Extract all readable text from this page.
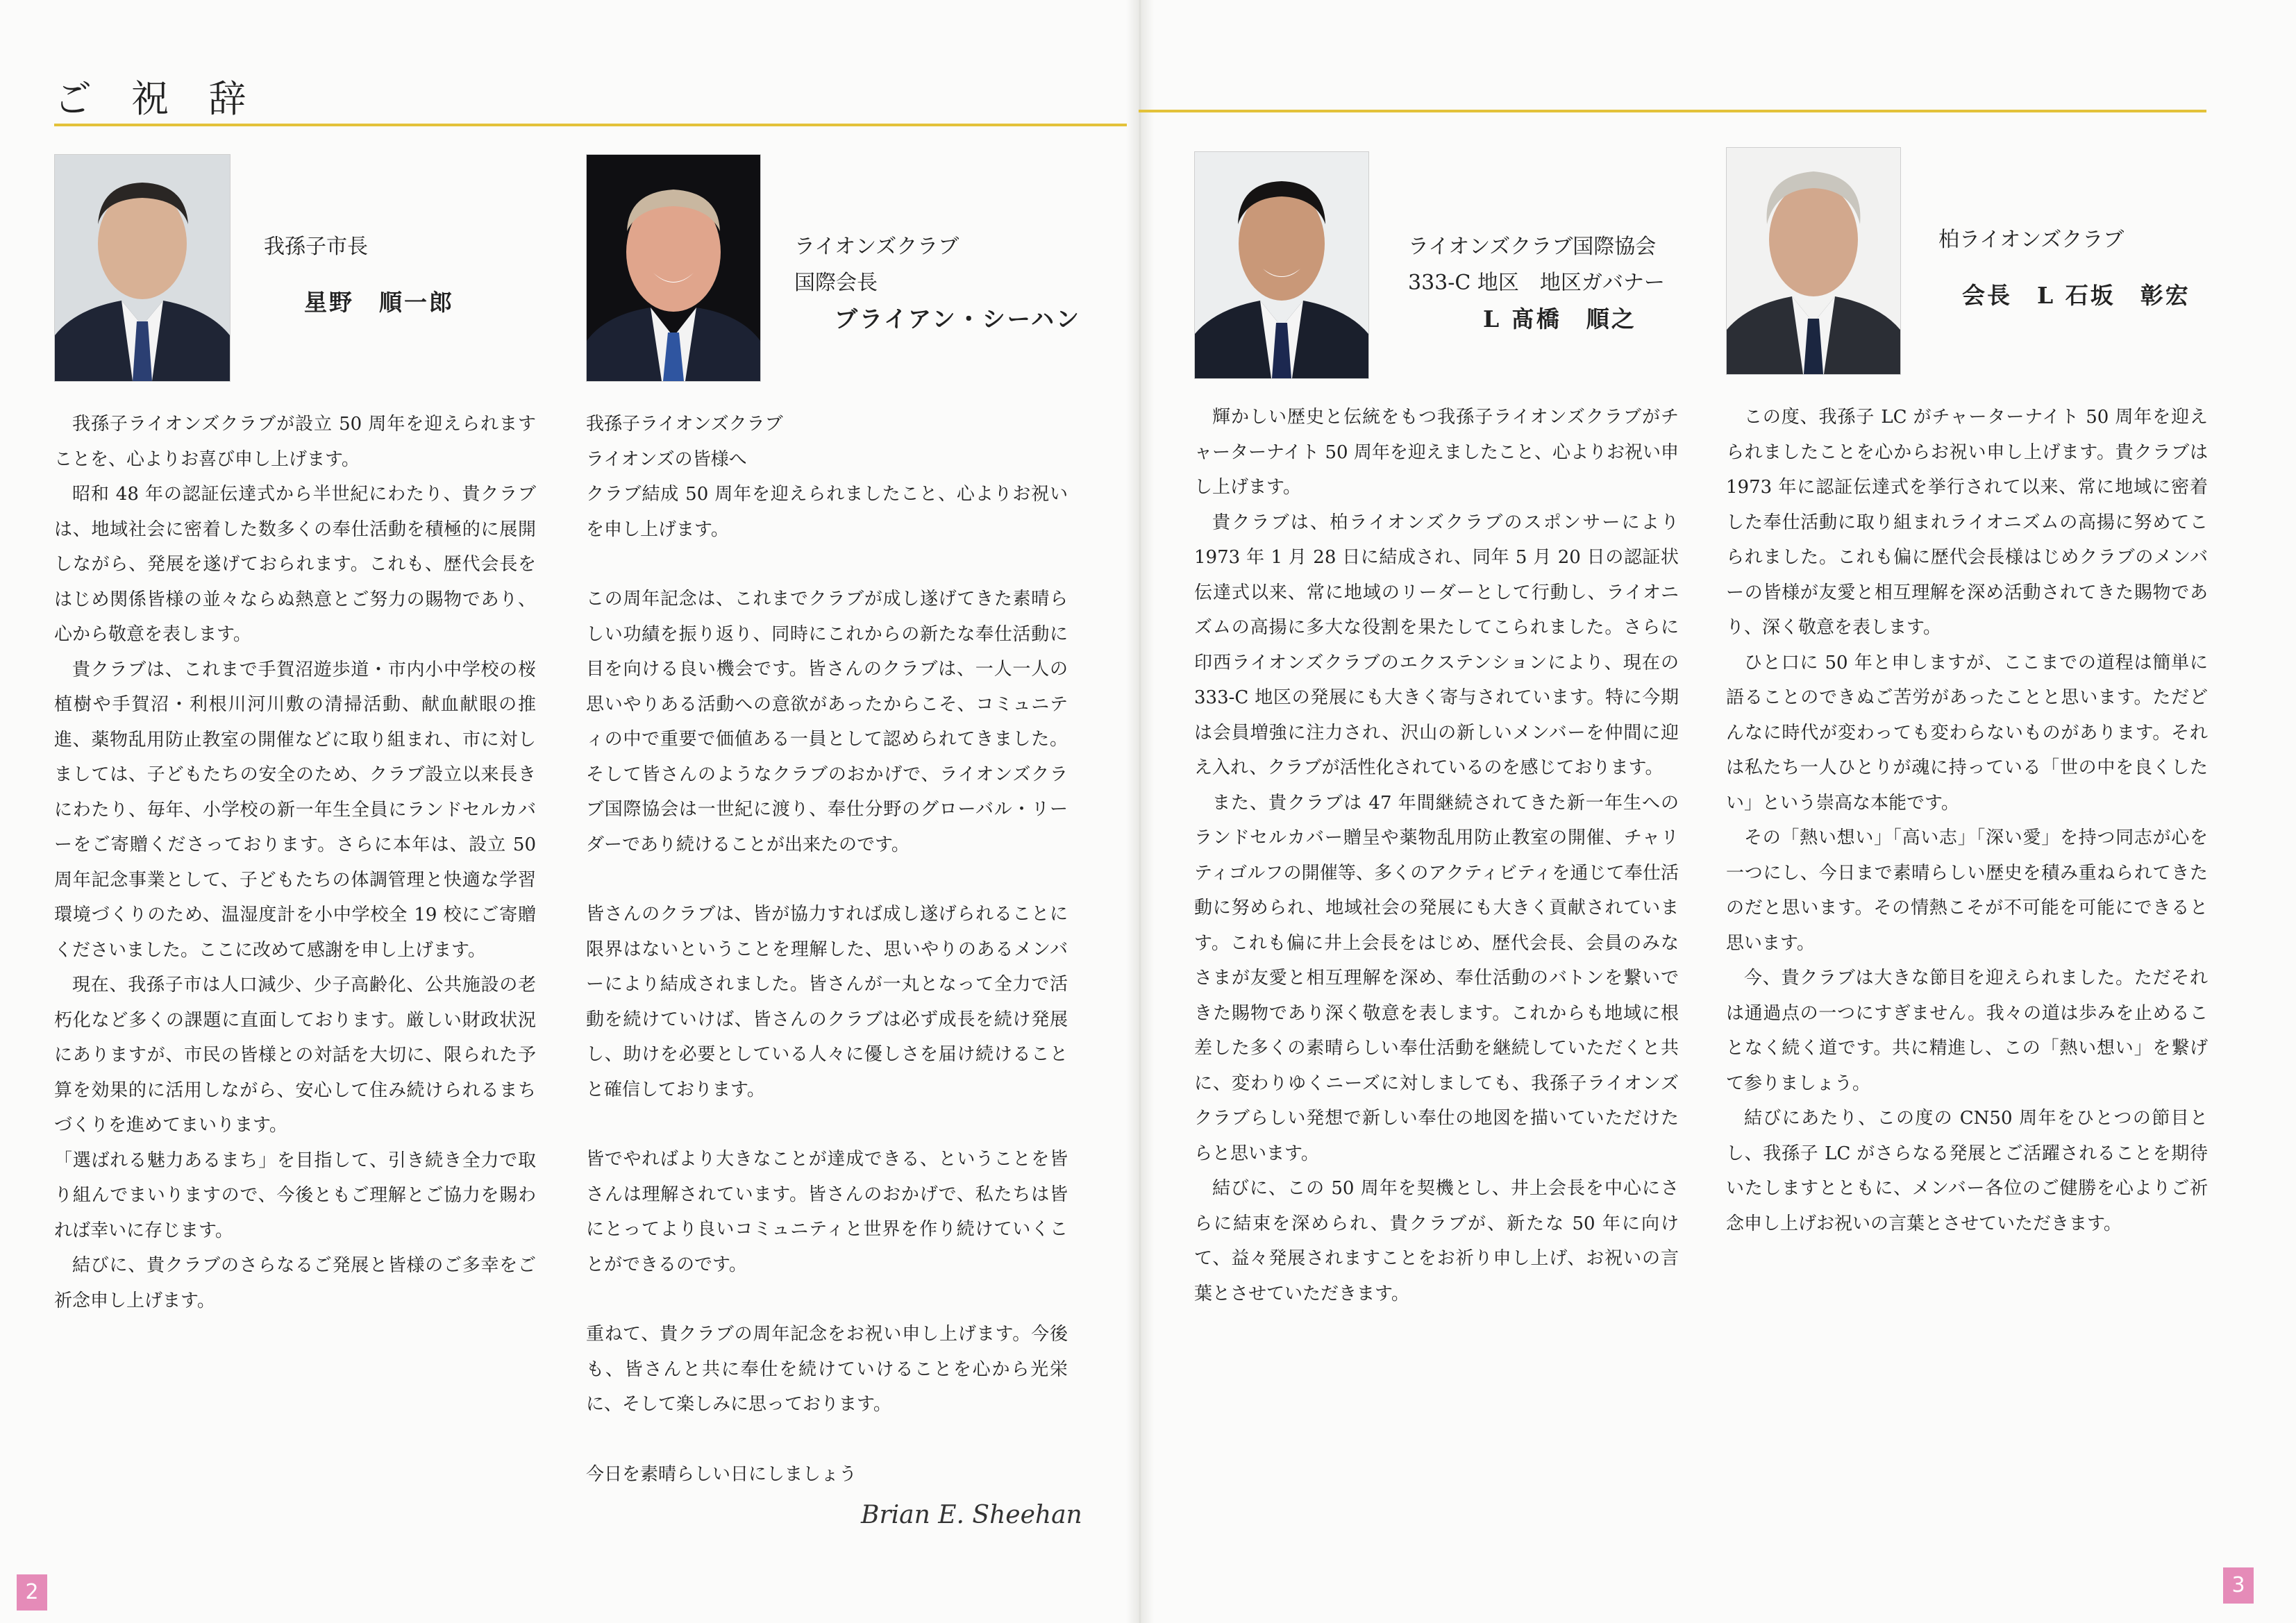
ご 祝 辞
我孫子市長
星野　順一郎
ライオンズクラブ
国際会長
ブライアン・シーハン
ライオンズクラブ国際協会
333-C 地区　地区ガバナー
L 髙橋　順之
柏ライオンズクラブ
会長　L 石坂　彰宏

我孫子ライオンズクラブが設立 50 周年を迎えられますことを、心よりお喜び申し上げます。

昭和 48 年の認証伝達式から半世紀にわたり、貴クラブは、地域社会に密着した数多くの奉仕活動を積極的に展開しながら、発展を遂げておられます。これも、歴代会長をはじめ関係皆様の並々ならぬ熱意とご努力の賜物であり、心から敬意を表します。

貴クラブは、これまで手賀沼遊歩道・市内小中学校の桜植樹や手賀沼・利根川河川敷の清掃活動、献血献眼の推進、薬物乱用防止教室の開催などに取り組まれ、市に対しましては、子どもたちの安全のため、クラブ設立以来長きにわたり、毎年、小学校の新一年生全員にランドセルカバーをご寄贈くださっております。さらに本年は、設立 50 周年記念事業として、子どもたちの体調管理と快適な学習環境づくりのため、温湿度計を小中学校全 19 校にご寄贈くださいました。ここに改めて感謝を申し上げます。

現在、我孫子市は人口減少、少子高齢化、公共施設の老朽化など多くの課題に直面しております。厳しい財政状況にありますが、市民の皆様との対話を大切に、限られた予算を効果的に活用しながら、安心して住み続けられるまちづくりを進めてまいります。

「選ばれる魅力あるまち」を目指して、引き続き全力で取り組んでまいりますので、今後ともご理解とご協力を賜われば幸いに存じます。

結びに、貴クラブのさらなるご発展と皆様のご多幸をご祈念申し上げます。

我孫子ライオンズクラブ

ライオンズの皆様へ

クラブ結成 50 周年を迎えられましたこと、心よりお祝いを申し上げます。

この周年記念は、これまでクラブが成し遂げてきた素晴らしい功績を振り返り、同時にこれからの新たな奉仕活動に目を向ける良い機会です。皆さんのクラブは、一人一人の思いやりある活動への意欲があったからこそ、コミュニティの中で重要で価値ある一員として認められてきました。そして皆さんのようなクラブのおかげで、ライオンズクラブ国際協会は一世紀に渡り、奉仕分野のグローバル・リーダーであり続けることが出来たのです。

皆さんのクラブは、皆が協力すれば成し遂げられることに限界はないということを理解した、思いやりのあるメンバーにより結成されました。皆さんが一丸となって全力で活動を続けていけば、皆さんのクラブは必ず成長を続け発展し、助けを必要としている人々に優しさを届け続けることと確信しております。

皆でやればより大きなことが達成できる、ということを皆さんは理解されています。皆さんのおかげで、私たちは皆にとってより良いコミュニティと世界を作り続けていくことができるのです。

重ねて、貴クラブの周年記念をお祝い申し上げます。今後も、皆さんと共に奉仕を続けていけることを心から光栄に、そして楽しみに思っております。

今日を素晴らしい日にしましょう

Brian E. Sheehan

輝かしい歴史と伝統をもつ我孫子ライオンズクラブがチャーターナイト 50 周年を迎えましたこと、心よりお祝い申し上げます。

貴クラブは、柏ライオンズクラブのスポンサーにより 1973 年 1 月 28 日に結成され、同年 5 月 20 日の認証状伝達式以来、常に地域のリーダーとして行動し、ライオニズムの高揚に多大な役割を果たしてこられました。さらに印西ライオンズクラブのエクステンションにより、現在の 333-C 地区の発展にも大きく寄与されています。特に今期は会員増強に注力され、沢山の新しいメンバーを仲間に迎え入れ、クラブが活性化されているのを感じております。

また、貴クラブは 47 年間継続されてきた新一年生へのランドセルカバー贈呈や薬物乱用防止教室の開催、チャリティゴルフの開催等、多くのアクティビティを通じて奉仕活動に努められ、地域社会の発展にも大きく貢献されています。これも偏に井上会長をはじめ、歴代会長、会員のみなさまが友愛と相互理解を深め、奉仕活動のバトンを繋いできた賜物であり深く敬意を表します。これからも地域に根差した多くの素晴らしい奉仕活動を継続していただくと共に、変わりゆくニーズに対しましても、我孫子ライオンズクラブらしい発想で新しい奉仕の地図を描いていただけたらと思います。

結びに、この 50 周年を契機とし、井上会長を中心にさらに結束を深められ、貴クラブが、新たな 50 年に向けて、益々発展されますことをお祈り申し上げ、お祝いの言葉とさせていただきます。

この度、我孫子 LC がチャーターナイト 50 周年を迎えられましたことを心からお祝い申し上げます。貴クラブは 1973 年に認証伝達式を挙行されて以来、常に地域に密着した奉仕活動に取り組まれライオニズムの高揚に努めてこられました。これも偏に歴代会長様はじめクラブのメンバーの皆様が友愛と相互理解を深め活動されてきた賜物であり、深く敬意を表します。

ひと口に 50 年と申しますが、ここまでの道程は簡単に語ることのできぬご苦労があったことと思います。ただどんなに時代が変わっても変わらないものがあります。それは私たち一人ひとりが魂に持っている「世の中を良くしたい」という崇高な本能です。

その「熱い想い」「高い志」「深い愛」を持つ同志が心を一つにし、今日まで素晴らしい歴史を積み重ねられてきたのだと思います。その情熱こそが不可能を可能にできると思います。

今、貴クラブは大きな節目を迎えられました。ただそれは通過点の一つにすぎません。我々の道は歩みを止めることなく続く道です。共に精進し、この「熱い想い」を繋げて参りましょう。

結びにあたり、この度の CN50 周年をひとつの節目とし、我孫子 LC がさらなる発展とご活躍されることを期待いたしますとともに、メンバー各位のご健勝を心よりご祈念申し上げお祝いの言葉とさせていただきます。

2	3
